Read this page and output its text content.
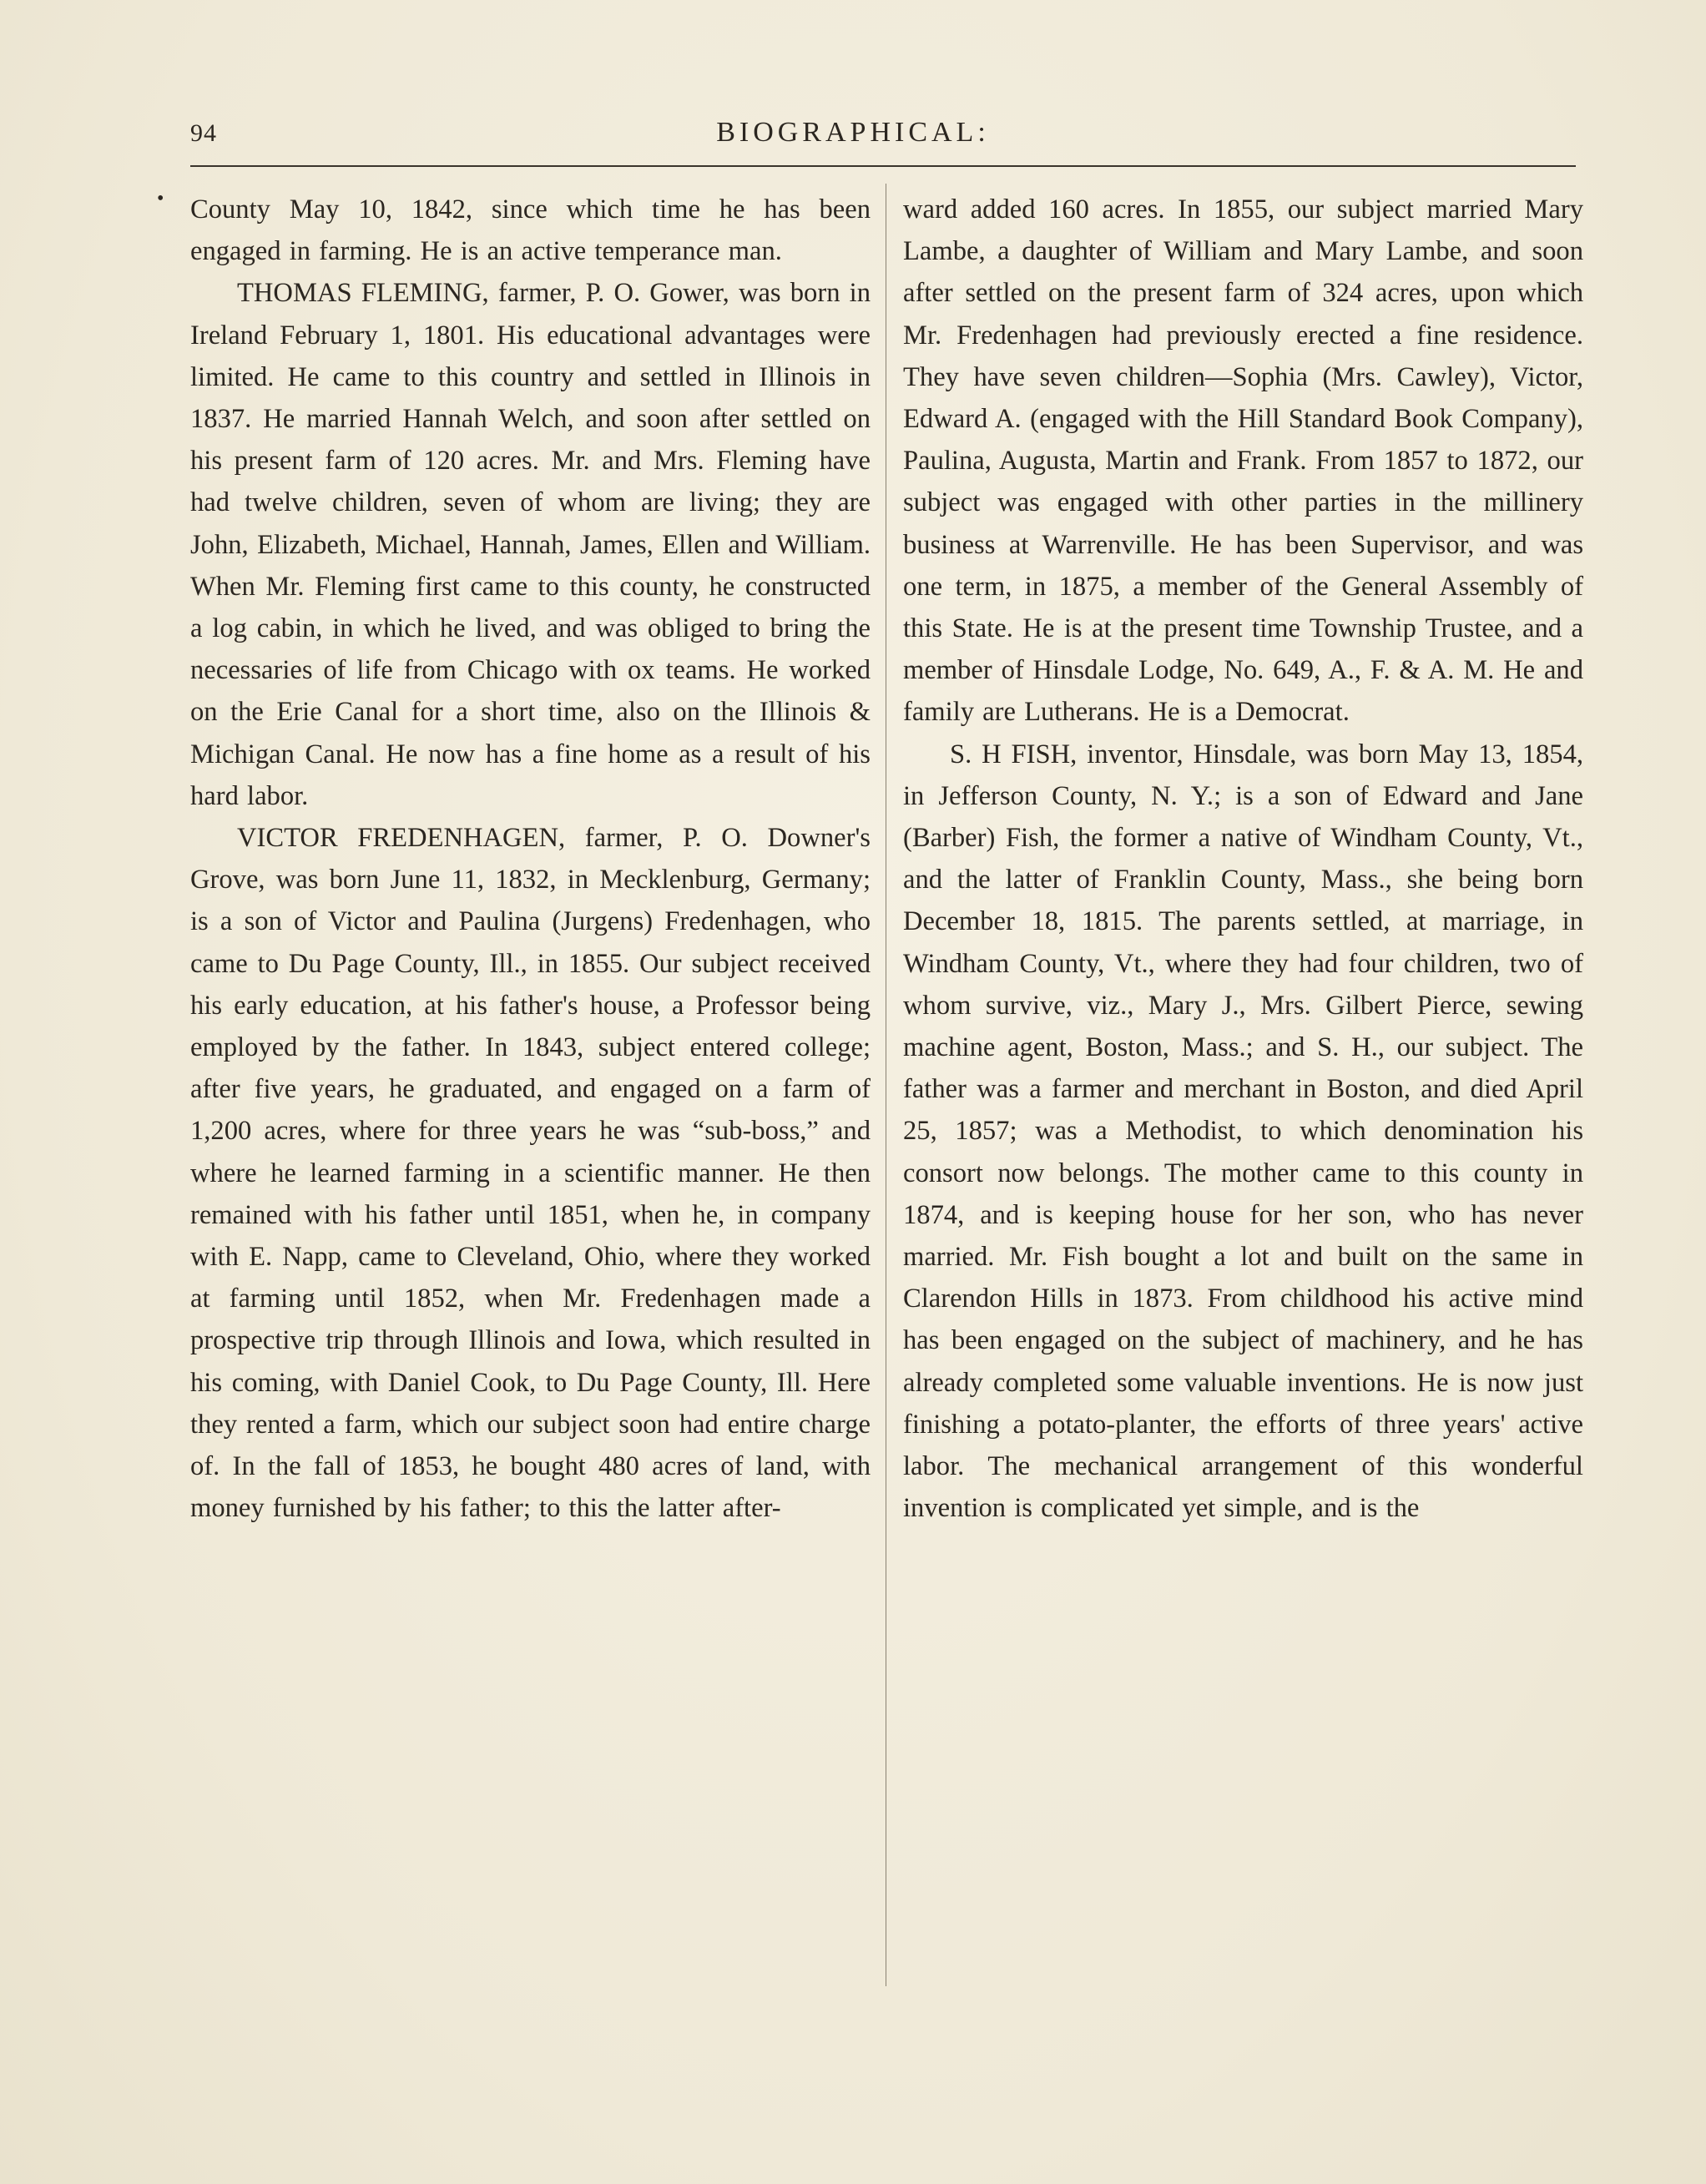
94	BIOGRAPHICAL:
• County May 10, 1842, since which time he has been engaged in farming. He is an active temperance man.

THOMAS FLEMING, farmer, P. O. Gower, was born in Ireland February 1, 1801. His educational advantages were limited. He came to this country and settled in Illinois in 1837. He married Hannah Welch, and soon after settled on his present farm of 120 acres. Mr. and Mrs. Fleming have had twelve children, seven of whom are living; they are John, Elizabeth, Michael, Hannah, James, Ellen and William. When Mr. Fleming first came to this county, he constructed a log cabin, in which he lived, and was obliged to bring the necessaries of life from Chicago with ox teams. He worked on the Erie Canal for a short time, also on the Illinois & Michigan Canal. He now has a fine home as a result of his hard labor.

VICTOR FREDENHAGEN, farmer, P. O. Downer's Grove, was born June 11, 1832, in Mecklenburg, Germany; is a son of Victor and Paulina (Jurgens) Fredenhagen, who came to Du Page County, Ill., in 1855. Our subject received his early education, at his father's house, a Professor being employed by the father. In 1843, subject entered college; after five years, he graduated, and engaged on a farm of 1,200 acres, where for three years he was “sub-boss,” and where he learned farming in a scientific manner. He then remained with his father until 1851, when he, in company with E. Napp, came to Cleveland, Ohio, where they worked at farming until 1852, when Mr. Fredenhagen made a prospective trip through Illinois and Iowa, which resulted in his coming, with Daniel Cook, to Du Page County, Ill. Here they rented a farm, which our subject soon had entire charge of. In the fall of 1853, he bought 480 acres of land, with money furnished by his father; to this the latter after-

ward added 160 acres. In 1855, our subject married Mary Lambe, a daughter of William and Mary Lambe, and soon after settled on the present farm of 324 acres, upon which Mr. Fredenhagen had previously erected a fine residence. They have seven children—Sophia (Mrs. Cawley), Victor, Edward A. (engaged with the Hill Standard Book Company), Paulina, Augusta, Martin and Frank. From 1857 to 1872, our subject was engaged with other parties in the millinery business at Warrenville. He has been Supervisor, and was one term, in 1875, a member of the General Assembly of this State. He is at the present time Township Trustee, and a member of Hinsdale Lodge, No. 649, A., F. & A. M. He and family are Lutherans. He is a Democrat.

S. H FISH, inventor, Hinsdale, was born May 13, 1854, in Jefferson County, N. Y.; is a son of Edward and Jane (Barber) Fish, the former a native of Windham County, Vt., and the latter of Franklin County, Mass., she being born December 18, 1815. The parents settled, at marriage, in Windham County, Vt., where they had four children, two of whom survive, viz., Mary J., Mrs. Gilbert Pierce, sewing machine agent, Boston, Mass.; and S. H., our subject. The father was a farmer and merchant in Boston, and died April 25, 1857; was a Methodist, to which denomination his consort now belongs. The mother came to this county in 1874, and is keeping house for her son, who has never married. Mr. Fish bought a lot and built on the same in Clarendon Hills in 1873. From childhood his active mind has been engaged on the subject of machinery, and he has already completed some valuable inventions. He is now just finishing a potato-planter, the efforts of three years' active labor. The mechanical arrangement of this wonderful invention is complicated yet simple, and is the
